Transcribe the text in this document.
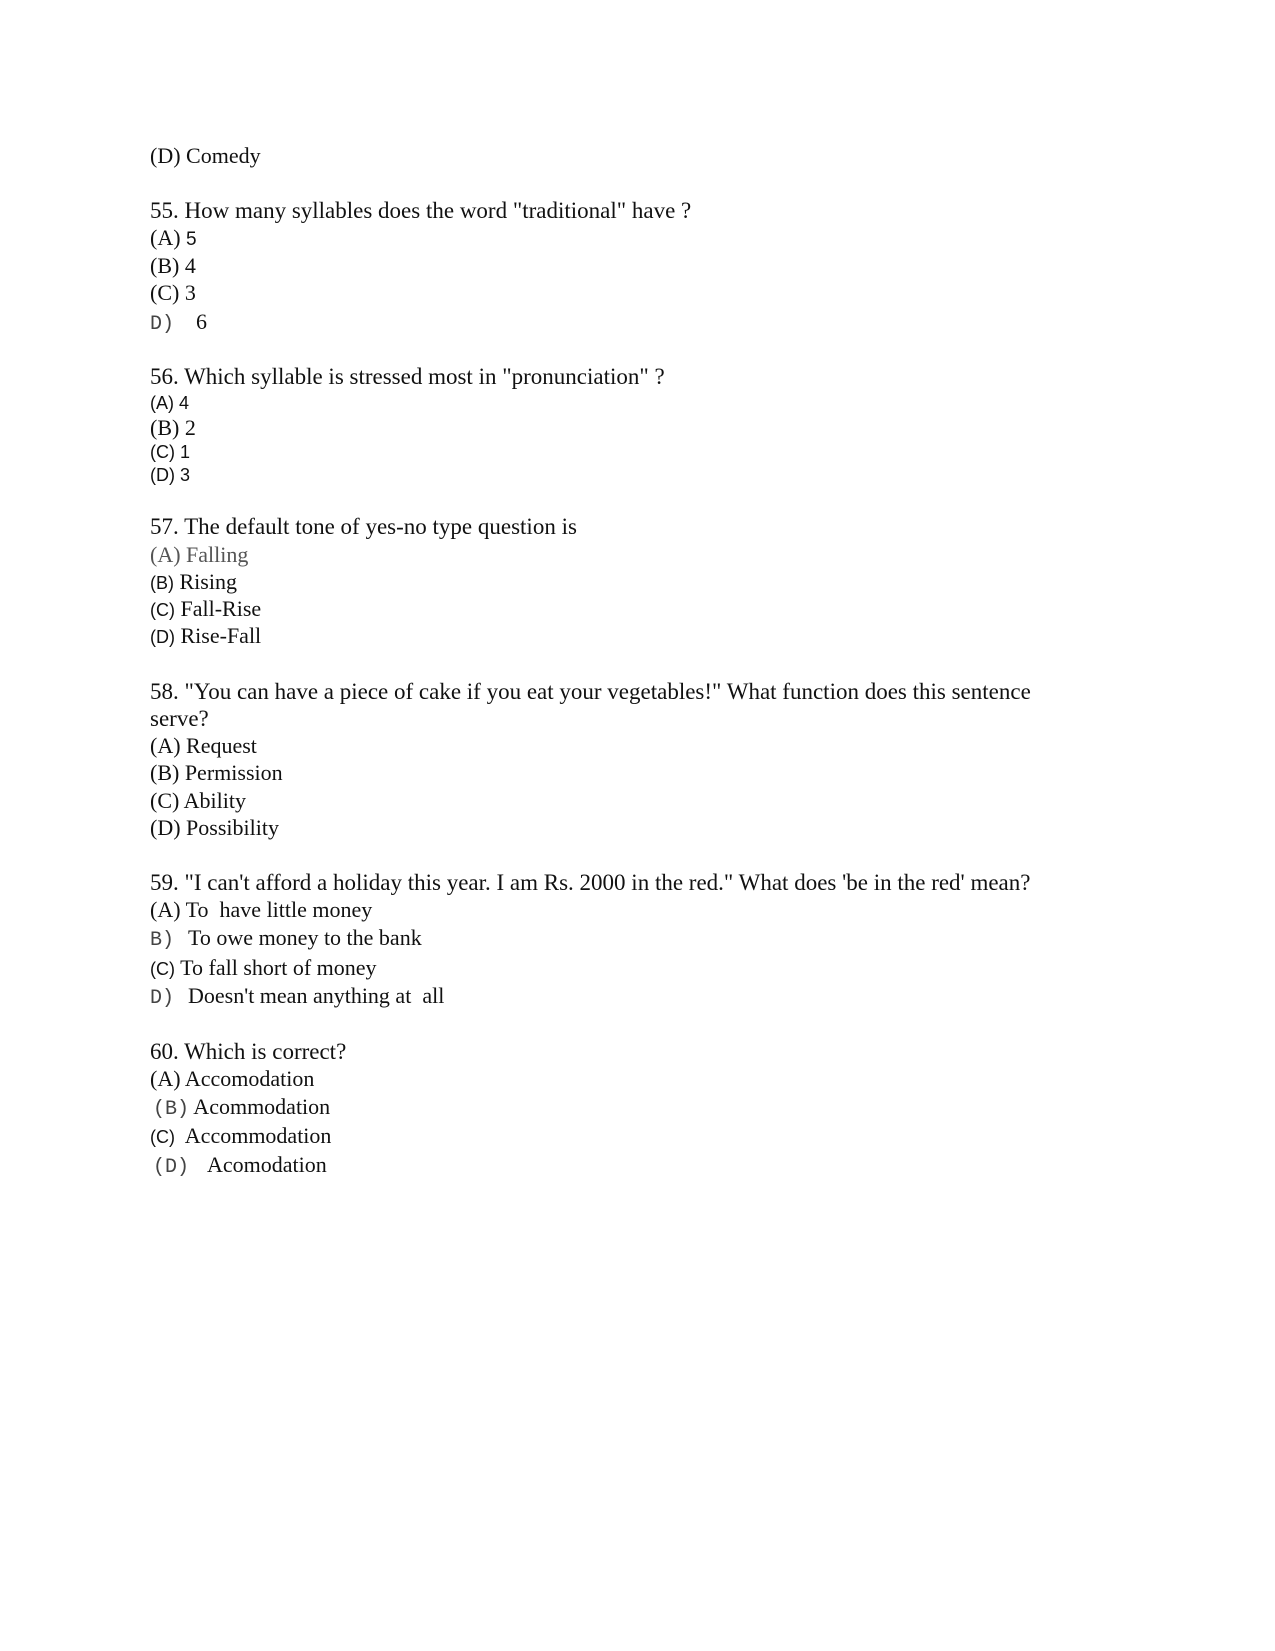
(D) Comedy

55. How many syllables does the word "traditional" have ?

(A) 5

(B) 4

(C) 3

D) 6

56. Which syllable is stressed most in "pronunciation" ?

(A) 4

(B) 2

(C) 1

(D) 3

57. The default tone of yes-no type question is

(A) Falling

(B) Rising

(C) Fall-Rise

(D) Rise-Fall

58. "You can have a piece of cake if you eat your vegetables!" What function does this sentence

serve?

(A) Request

(B) Permission

(C) Ability

(D) Possibility

59. "I can't afford a holiday this year. I am Rs. 2000 in the red." What does 'be in the red' mean?

(A) To  have little money

B) To owe money to the bank

(C) To fall short of money

D) Doesn't mean anything at  all

60. Which is correct?

(A) Accomodation

(B) Acommodation

(C)  Accommodation

(D) Acomodation
